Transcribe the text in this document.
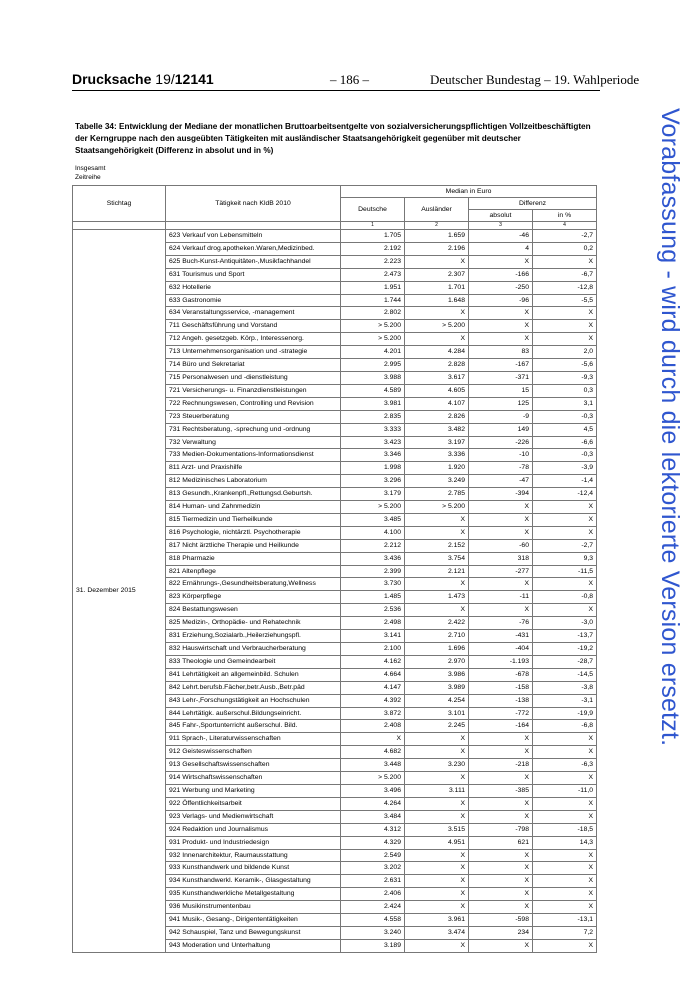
Drucksache 19/12141	– 186 –	Deutscher Bundestag – 19. Wahlperiode
Tabelle 34: Entwicklung der Mediane der monatlichen Bruttoarbeitsentgelte von sozialversicherungspflichtigen Vollzeitbeschäftigten der Kerngruppe nach den ausgeübten Tätigkeiten mit ausländischer Staatsangehörigkeit gegenüber mit deutscher Staatsangehörigkeit (Differenz in absolut und in %)
Insgesamt
Zeitreihe	Vorabfassung - wird durch die lektorierte Version ersetzt.
Stichtag	Tätigkeit nach KldB 2010	Median in Euro			
		Deutsche	Ausländer	Differenz	
				absolut	in %
		1	2	3	4
31. Dezember 2015	623 Verkauf von Lebensmitteln	1.705	1.659	-46	-2,7
	624 Verkauf drog.apotheken.Waren,Medizinbed.	2.192	2.196	4	0,2
	625 Buch-Kunst-Antiquitäten-,Musikfachhandel	2.223	X	X	X
	631 Tourismus und Sport	2.473	2.307	-166	-6,7
	632 Hotellerie	1.951	1.701	-250	-12,8
	633 Gastronomie	1.744	1.648	-96	-5,5
	634 Veranstaltungsservice, -management	2.802	X	X	X
	711 Geschäftsführung und Vorstand	> 5.200	> 5.200	X	X
	712 Angeh. gesetzgeb. Körp., Interessenorg.	> 5.200	X	X	X
	713 Unternehmensorganisation und -strategie	4.201	4.284	83	2,0
	714 Büro und Sekretariat	2.995	2.828	-167	-5,6
	715 Personalwesen und -dienstleistung	3.988	3.617	-371	-9,3
	721 Versicherungs- u. Finanzdienstleistungen	4.589	4.605	15	0,3
	722 Rechnungswesen, Controlling und Revision	3.981	4.107	125	3,1
	723 Steuerberatung	2.835	2.826	-9	-0,3
	731 Rechtsberatung, -sprechung und -ordnung	3.333	3.482	149	4,5
	732 Verwaltung	3.423	3.197	-226	-6,6
	733 Medien-Dokumentations-Informationsdienst	3.346	3.336	-10	-0,3
	811 Arzt- und Praxishilfe	1.998	1.920	-78	-3,9
	812 Medizinisches Laboratorium	3.296	3.249	-47	-1,4
	813 Gesundh.,Krankenpfl.,Rettungsd.Geburtsh.	3.179	2.785	-394	-12,4
	814 Human- und Zahnmedizin	> 5.200	> 5.200	X	X
	815 Tiermedizin und Tierheilkunde	3.485	X	X	X
	816 Psychologie, nichtärztl. Psychotherapie	4.100	X	X	X
	817 Nicht ärztliche Therapie und Heilkunde	2.212	2.152	-60	-2,7
	818 Pharmazie	3.436	3.754	318	9,3
	821 Altenpflege	2.399	2.121	-277	-11,5
	822 Ernährungs-,Gesundheitsberatung,Wellness	3.730	X	X	X
	823 Körperpflege	1.485	1.473	-11	-0,8
	824 Bestattungswesen	2.536	X	X	X
	825 Medizin-, Orthopädie- und Rehatechnik	2.498	2.422	-76	-3,0
	831 Erziehung,Sozialarb.,Heilerziehungspfl.	3.141	2.710	-431	-13,7
	832 Hauswirtschaft und Verbraucherberatung	2.100	1.696	-404	-19,2
	833 Theologie und Gemeindearbeit	4.162	2.970	-1.193	-28,7
	841 Lehrtätigkeit an allgemeinbild. Schulen	4.664	3.986	-678	-14,5
	842 Lehrt.berufsb.Fächer,betr.Ausb.,Betr.päd	4.147	3.989	-158	-3,8
	843 Lehr-,Forschungstätigkeit an Hochschulen	4.392	4.254	-138	-3,1
	844 Lehrtätigk. außerschul.Bildungseinricht.	3.872	3.101	-772	-19,9
	845 Fahr-,Sportunterricht außerschul. Bild.	2.408	2.245	-164	-6,8
	911 Sprach-, Literaturwissenschaften	X	X	X	X
	912 Geisteswissenschaften	4.682	X	X	X
	913 Gesellschaftswissenschaften	3.448	3.230	-218	-6,3
	914 Wirtschaftswissenschaften	> 5.200	X	X	X
	921 Werbung und Marketing	3.496	3.111	-385	-11,0
	922 Öffentlichkeitsarbeit	4.264	X	X	X
	923 Verlags- und Medienwirtschaft	3.484	X	X	X
	924 Redaktion und Journalismus	4.312	3.515	-798	-18,5
	931 Produkt- und Industriedesign	4.329	4.951	621	14,3
	932 Innenarchitektur, Raumausstattung	2.549	X	X	X
	933 Kunsthandwerk und bildende Kunst	3.202	X	X	X
	934 Kunsthandwerkl. Keramik-, Glasgestaltung	2.631	X	X	X
	935 Kunsthandwerkliche Metallgestaltung	2.406	X	X	X
	936 Musikinstrumentenbau	2.424	X	X	X
	941 Musik-, Gesang-, Dirigententätigkeiten	4.558	3.961	-598	-13,1
	942 Schauspiel, Tanz und Bewegungskunst	3.240	3.474	234	7,2
	943 Moderation und Unterhaltung	3.189	X	X	X
